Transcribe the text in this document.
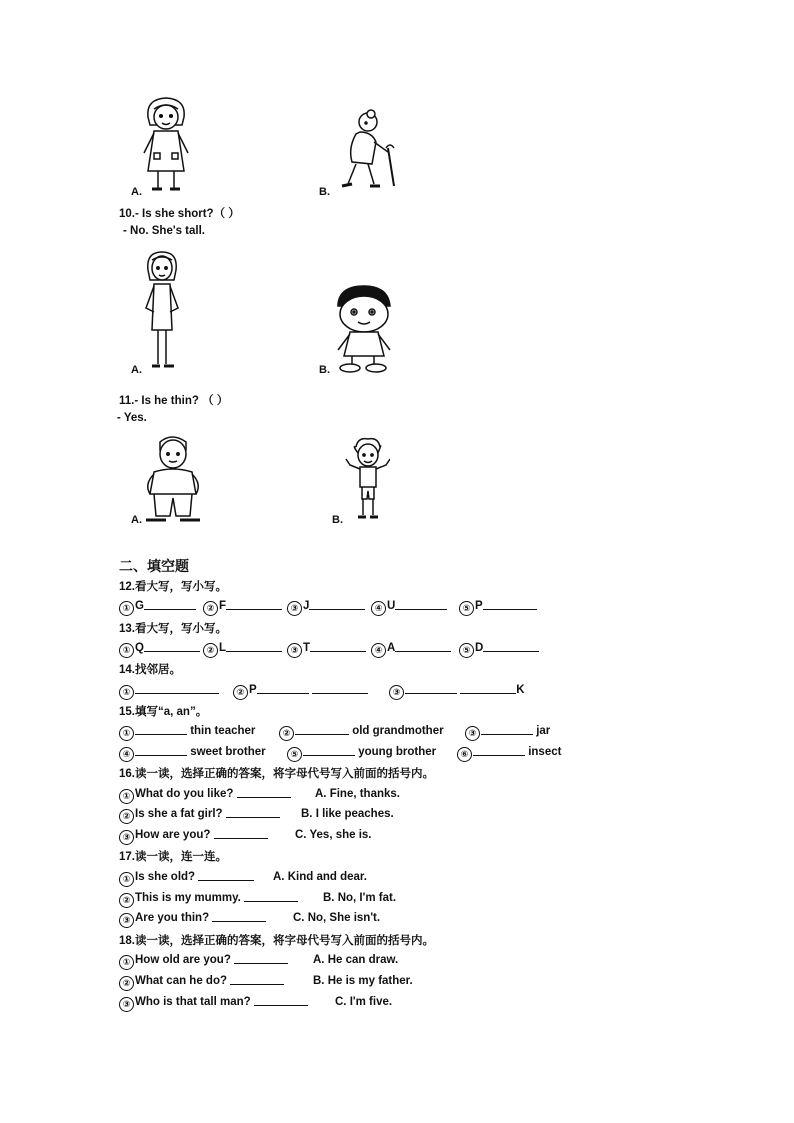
A.	B.
10.- Is she short?（ ）
- No. She's tall.
A.	B.
11.- Is he thin? （ ）
- Yes.
A.	B.
二、填空题
12.看大写，写小写。
① G	② F	③ J	④ U	⑤ P
13.看大写，写小写。
① Q	② L	③ T	④ A	⑤ D
14.找邻居。
①	② P	③	K
15.填写“a, an”。
①	thin teacher	②	old grandmother	③	jar
④	sweet brother	⑤	young brother	⑥	insect
16.读一读，选择正确的答案，将字母代号写入前面的括号内。
① What do you like?	A. Fine, thanks.
② Is she a fat girl?	B. I like peaches.
③ How are you?	C. Yes, she is.
17.读一读，连一连。
① Is she old?	A. Kind and dear.
② This is my mummy.	B. No, I'm fat.
③ Are you thin?	C. No, She isn't.
18.读一读，选择正确的答案，将字母代号写入前面的括号内。
① How old are you?	A. He can draw.
② What can he do?	B. He is my father.
③ Who is that tall man?	C. I'm five.
